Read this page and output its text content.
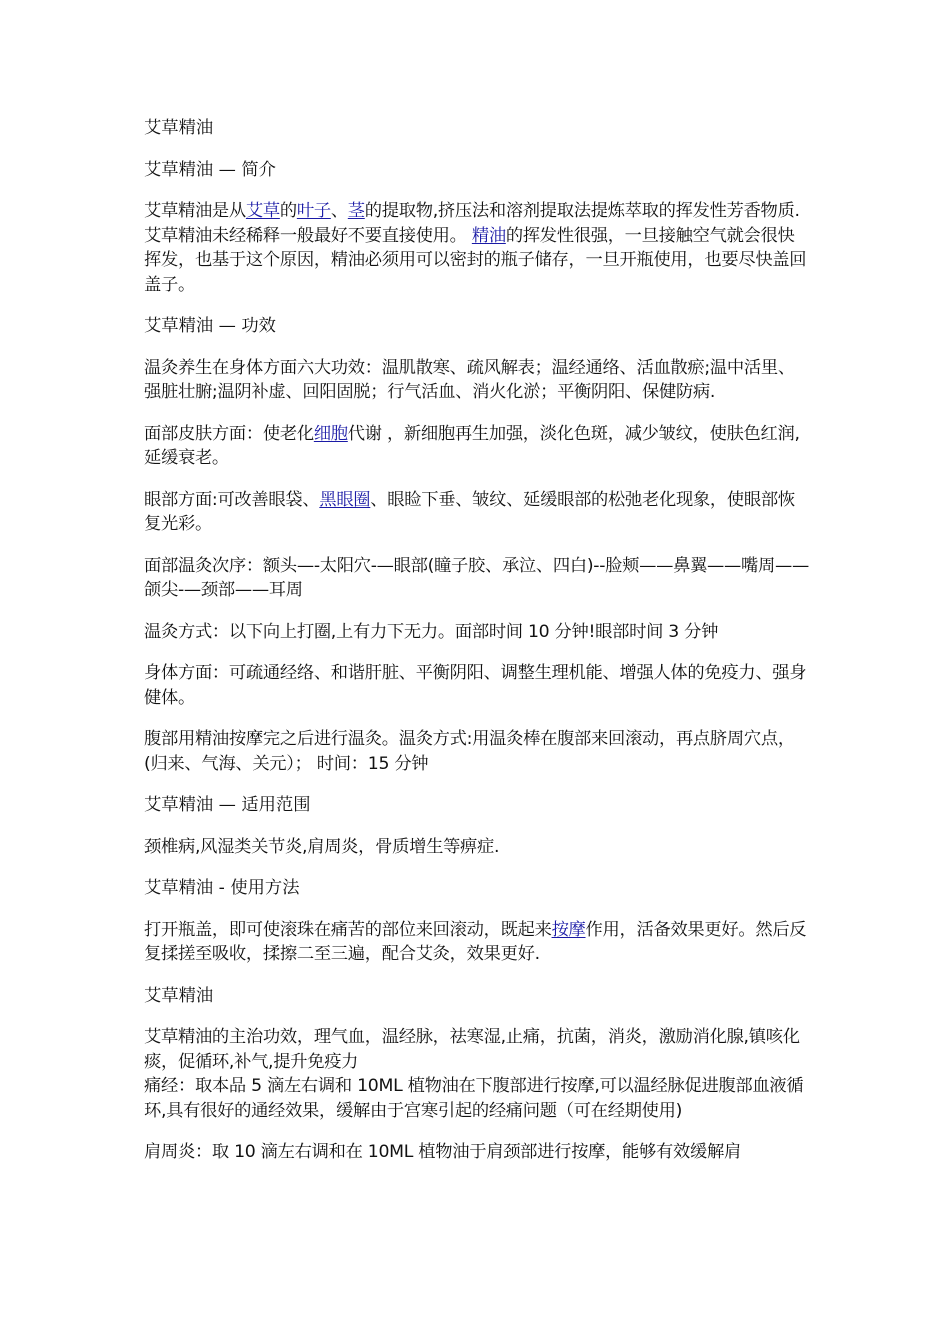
艾草精油

艾草精油 — 简介

艾草精油是从艾草的叶子、茎的提取物,挤压法和溶剂提取法提炼萃取的挥发性芳香物质.艾草精油未经稀释一般最好不要直接使用。 精油的挥发性很强，一旦接触空气就会很快挥发，也基于这个原因，精油必须用可以密封的瓶子储存，一旦开瓶使用，也要尽快盖回盖子。

艾草精油 — 功效

温灸养生在身体方面六大功效：温肌散寒、疏风解表；温经通络、活血散瘀;温中活里、强脏壮腑;温阴补虚、回阳固脱；行气活血、消火化淤；平衡阴阳、保健防病.

面部皮肤方面：使老化细胞代谢 ，新细胞再生加强，淡化色斑，减少皱纹，使肤色红润,延缓衰老。

眼部方面:可改善眼袋、黑眼圈、眼睑下垂、皱纹、延缓眼部的松弛老化现象，使眼部恢复光彩。

面部温灸次序：额头—-太阳穴-—眼部(瞳子胶、承泣、四白)--脸颊——鼻翼——嘴周——颌尖-—颈部——耳周

温灸方式：以下向上打圈,上有力下无力。面部时间 10 分钟!眼部时间 3 分钟

身体方面：可疏通经络、和谐肝脏、平衡阴阳、调整生理机能、增强人体的免疫力、强身健体。

腹部用精油按摩完之后进行温灸。温灸方式:用温灸棒在腹部来回滚动，再点脐周穴点，(归来、气海、关元）； 时间：15 分钟

艾草精油 — 适用范围

颈椎病,风湿类关节炎,肩周炎，骨质增生等痹症.

艾草精油 - 使用方法

打开瓶盖，即可使滚珠在痛苦的部位来回滚动，既起来按摩作用，活备效果更好。然后反复揉搓至吸收，揉擦二至三遍，配合艾灸，效果更好.

艾草精油

艾草精油的主治功效，理气血，温经脉，祛寒湿,止痛，抗菌，消炎，激励消化腺,镇咳化痰，促循环,补气,提升免疫力

痛经：取本品 5 滴左右调和 10ML 植物油在下腹部进行按摩,可以温经脉促进腹部血液循环,具有很好的通经效果，缓解由于宫寒引起的经痛问题（可在经期使用)

肩周炎：取 10 滴左右调和在 10ML 植物油于肩颈部进行按摩，能够有效缓解肩
